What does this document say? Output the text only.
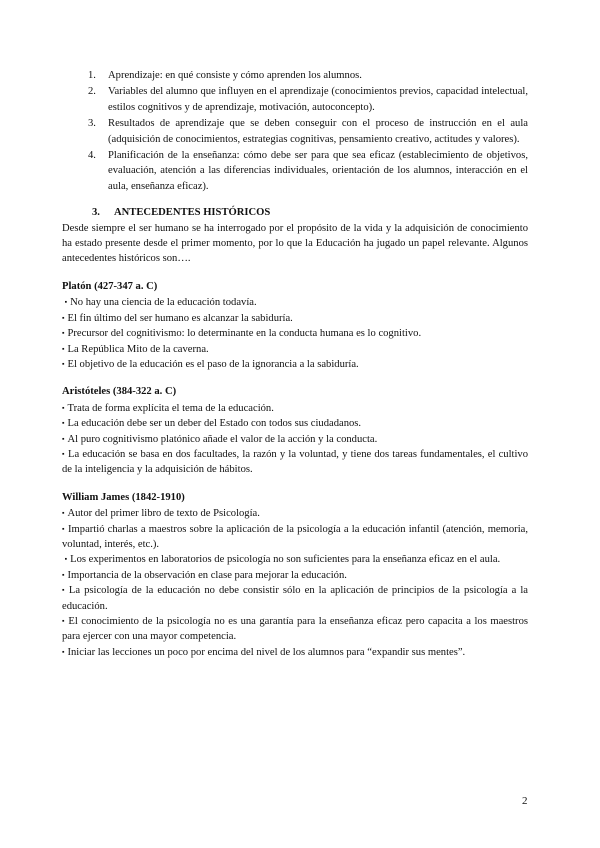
1. Aprendizaje: en qué consiste y cómo aprenden los alumnos.
2. Variables del alumno que influyen en el aprendizaje (conocimientos previos, capacidad intelectual, estilos cognitivos y de aprendizaje, motivación, autoconcepto).
3. Resultados de aprendizaje que se deben conseguir con el proceso de instrucción en el aula (adquisición de conocimientos, estrategias cognitivas, pensamiento creativo, actitudes y valores).
4. Planificación de la enseñanza: cómo debe ser para que sea eficaz (establecimiento de objetivos, evaluación, atención a las diferencias individuales, orientación de los alumnos, interacción en el aula, enseñanza eficaz).
3. ANTECEDENTES HISTÓRICOS
Desde siempre el ser humano se ha interrogado por el propósito de la vida y la adquisición de conocimiento ha estado presente desde el primer momento, por lo que la Educación ha jugado un papel relevante. Algunos antecedentes históricos son….
Platón (427-347 a. C)
▪ No hay una ciencia de la educación todavía.
▪ El fin último del ser humano es alcanzar la sabiduría.
▪ Precursor del cognitivismo: lo determinante en la conducta humana es lo cognitivo.
▪ La República Mito de la caverna.
▪ El objetivo de la educación es el paso de la ignorancia a la sabiduría.
Aristóteles (384-322 a. C)
▪ Trata de forma explícita el tema de la educación.
▪ La educación debe ser un deber del Estado con todos sus ciudadanos.
▪ Al puro cognitivismo platónico añade el valor de la acción y la conducta.
▪ La educación se basa en dos facultades, la razón y la voluntad, y tiene dos tareas fundamentales, el cultivo de la inteligencia y la adquisición de hábitos.
William James (1842-1910)
▪ Autor del primer libro de texto de Psicología.
▪ Impartió charlas a maestros sobre la aplicación de la psicología a la educación infantil (atención, memoria, voluntad, interés, etc.).
▪ Los experimentos en laboratorios de psicología no son suficientes para la enseñanza eficaz en el aula.
▪ Importancia de la observación en clase para mejorar la educación.
▪ La psicología de la educación no debe consistir sólo en la aplicación de principios de la psicología a la educación.
▪ El conocimiento de la psicología no es una garantía para la enseñanza eficaz pero capacita a los maestros para ejercer con una mayor competencia.
▪ Iniciar las lecciones un poco por encima del nivel de los alumnos para “expandir sus mentes”.
2
